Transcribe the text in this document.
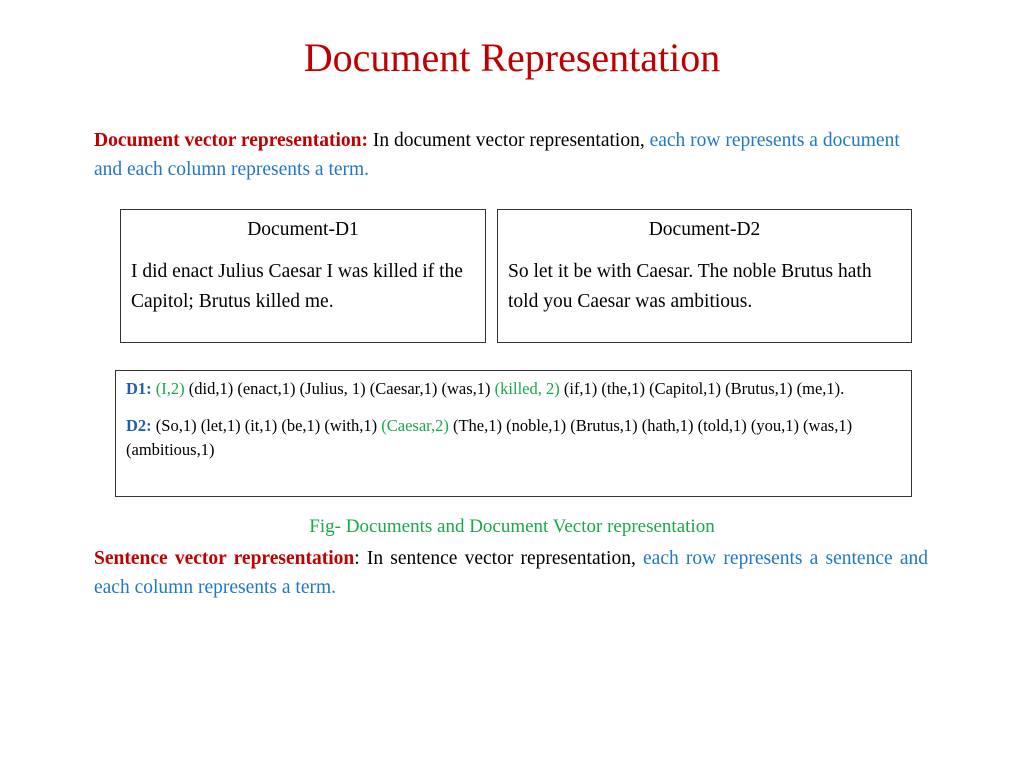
Document Representation
Document vector representation: In document vector representation, each row represents a document and each column represents a term.
Document-D1
I did enact Julius Caesar I was killed if the Capitol; Brutus killed me.
Document-D2
So let it be with Caesar. The noble Brutus hath told you Caesar was ambitious.

D1: (I,2) (did,1) (enact,1) (Julius, 1) (Caesar,1) (was,1) (killed, 2) (if,1) (the,1) (Capitol,1) (Brutus,1) (me,1).

D2: (So,1) (let,1) (it,1) (be,1) (with,1) (Caesar,2) (The,1) (noble,1) (Brutus,1) (hath,1) (told,1) (you,1) (was,1) (ambitious,1)

Fig- Documents and Document Vector representation
Sentence vector representation: In sentence vector representation, each row represents a sentence and each column represents a term.
